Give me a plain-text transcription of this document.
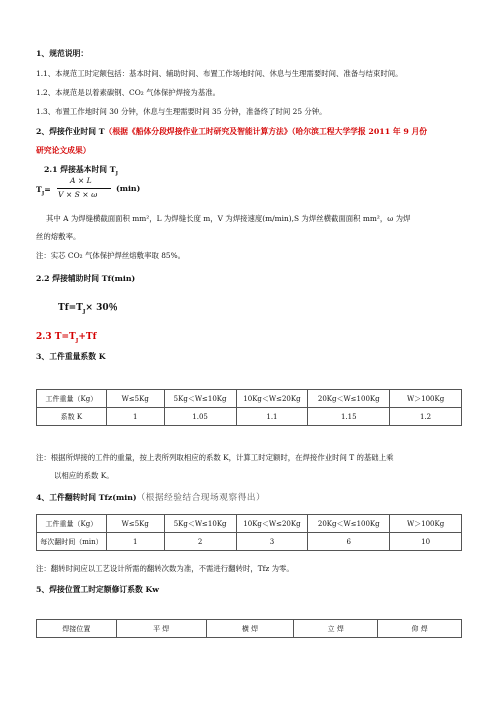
1、规范说明：
1.1、本规范工时定额包括：基本时间、辅助时间、布置工作场地时间、休息与生理需要时间、准备与结束时间。
1.2、本规范是以着素碳钢、CO₂ 气体保护焊接为基准。
1.3、布置工作地时间 30 分钟，休息与生理需要时间 35 分钟，准备终了时间 25 分钟。
2、焊接作业时间 T（根据《船体分段焊接作业工时研究及智能计算方法》（哈尔滨工程大学学报 2011 年 9 月份
研究论文成果）
2.1 焊接基本时间 $T_J$
$T_J=$
A × L
V × S × ω
(min)
其中 A 为焊缝横截面面积 mm²，L 为焊缝长度 m，V 为焊接速度(m/min),S 为焊丝横截面面积 mm²，ω 为焊
丝的熔敷率。
注：实芯 CO₂ 气体保护焊丝熔敷率取 85%。
2.2 焊接辅助时间 Tf(min)
$Tf=T_J\times 30$％
2.3 $T=T_J+Tf$
3、工件重量系数 K
工件重量（Kg）	W≤5Kg	5Kg＜W≤10Kg	10Kg＜W≤20Kg	20Kg＜W≤100Kg	W＞100Kg
系数 K	1	1.05	1.1	1.15	1.2
注：根据所焊接的工件的重量，按上表所列取相应的系数 K，计算工时定额时，在焊接作业时间 T 的基础上乘
以相应的系数 K。
4、工件翻转时间 Tfz(min)（根据经验结合现场观察得出）
工件重量（Kg）	W≤5Kg	5Kg＜W≤10Kg	10Kg＜W≤20Kg	20Kg＜W≤100Kg	W＞100Kg
每次翻时间（min）	1	2	3	6	10
注：翻转时间应以工艺设计所需的翻转次数为准，不需进行翻转时，Tfz 为零。
5、焊接位置工时定额修订系数 Kw
焊接位置	平 焊	横 焊	立 焊	仰 焊
